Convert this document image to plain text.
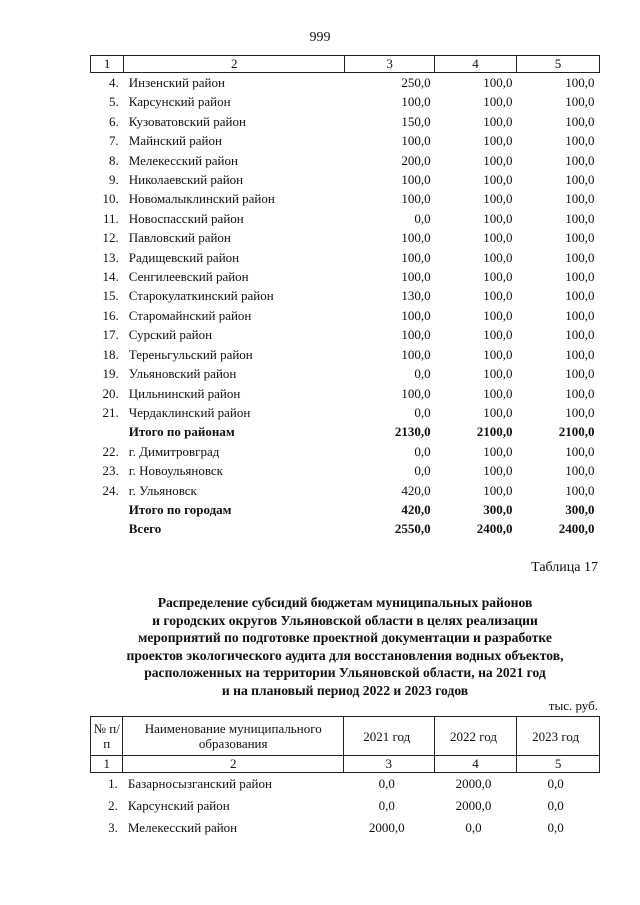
999
1	2	3	4	5
4.	Инзенский район	250,0	100,0	100,0
5.	Карсунский район	100,0	100,0	100,0
6.	Кузоватовский район	150,0	100,0	100,0
7.	Майнский район	100,0	100,0	100,0
8.	Мелекесский район	200,0	100,0	100,0
9.	Николаевский район	100,0	100,0	100,0
10.	Новомалыклинский район	100,0	100,0	100,0
11.	Новоспасский район	0,0	100,0	100,0
12.	Павловский район	100,0	100,0	100,0
13.	Радищевский район	100,0	100,0	100,0
14.	Сенгилеевский район	100,0	100,0	100,0
15.	Старокулаткинский район	130,0	100,0	100,0
16.	Старомайнский район	100,0	100,0	100,0
17.	Сурский район	100,0	100,0	100,0
18.	Тереньгульский район	100,0	100,0	100,0
19.	Ульяновский район	0,0	100,0	100,0
20.	Цильнинский район	100,0	100,0	100,0
21.	Чердаклинский район	0,0	100,0	100,0
	Итого по районам	2130,0	2100,0	2100,0
22.	г. Димитровград	0,0	100,0	100,0
23.	г. Новоульяновск	0,0	100,0	100,0
24.	г. Ульяновск	420,0	100,0	100,0
	Итого по городам	420,0	300,0	300,0
	Всего	2550,0	2400,0	2400,0
Таблица 17
Распределение субсидий бюджетам муниципальных районов
и городских округов Ульяновской области в целях реализации
мероприятий по подготовке проектной документации и разработке
проектов экологического аудита для восстановления водных объектов,
расположенных на территории Ульяновской области, на 2021 год
и на плановый период 2022 и 2023 годов
тыс. руб.
№ п/п	Наименование муниципального образования	2021 год	2022 год	2023 год
1	2	3	4	5
1.	Базарносызганский район	0,0	2000,0	0,0
2.	Карсунский район	0,0	2000,0	0,0
3.	Мелекесский район	2000,0	0,0	0,0
